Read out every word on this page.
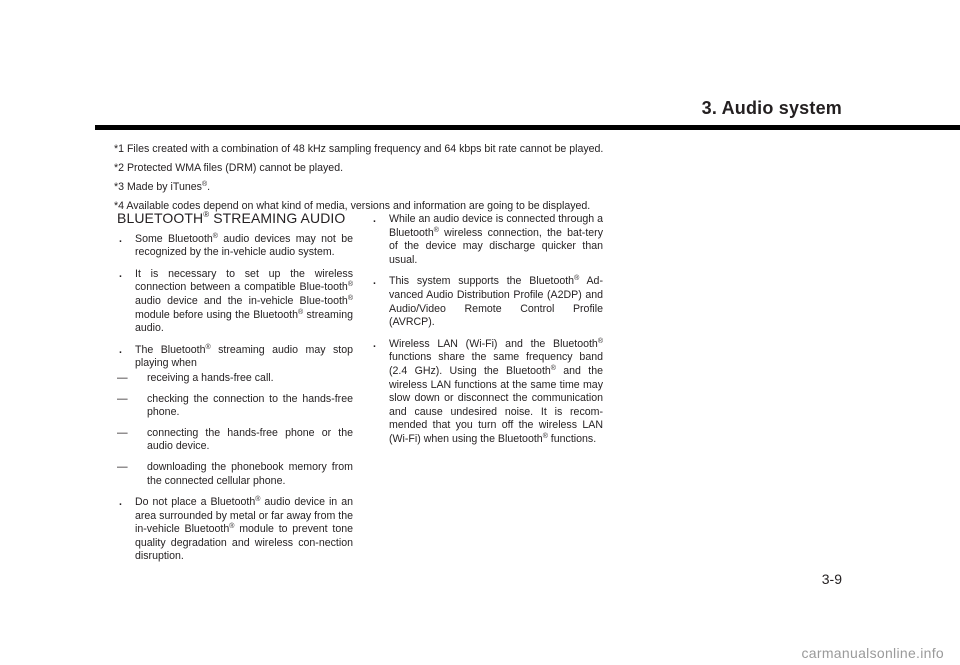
3. Audio system
*1 Files created with a combination of 48 kHz sampling frequency and 64 kbps bit rate cannot be played.
*2 Protected WMA files (DRM) cannot be played.
*3 Made by iTunes®.
*4 Available codes depend on what kind of media, versions and information are going to be displayed.
BLUETOOTH® STREAMING AUDIO
. Some Bluetooth® audio devices may not be recognized by the in-vehicle audio system.
. It is necessary to set up the wireless connection between a compatible Blue-tooth® audio device and the in-vehicle Blue-tooth® module before using the Bluetooth® streaming audio.
. The Bluetooth® streaming audio may stop playing when
— receiving a hands-free call.
— checking the connection to the hands-free phone.
— connecting the hands-free phone or the audio device.
— downloading the phonebook memory from the connected cellular phone.
. Do not place a Bluetooth® audio device in an area surrounded by metal or far away from the in-vehicle Bluetooth® module to prevent tone quality degradation and wireless con-nection disruption.
. While an audio device is connected through a Bluetooth® wireless connection, the bat-tery of the device may discharge quicker than usual.
. This system supports the Bluetooth® Ad-vanced Audio Distribution Profile (A2DP) and Audio/Video Remote Control Profile (AVRCP).
. Wireless LAN (Wi-Fi) and the Bluetooth® functions share the same frequency band (2.4 GHz). Using the Bluetooth® and the wireless LAN functions at the same time may slow down or disconnect the communication and cause undesired noise. It is recom-mended that you turn off the wireless LAN (Wi-Fi) when using the Bluetooth® functions.

3-9

carmanualsonline.info
